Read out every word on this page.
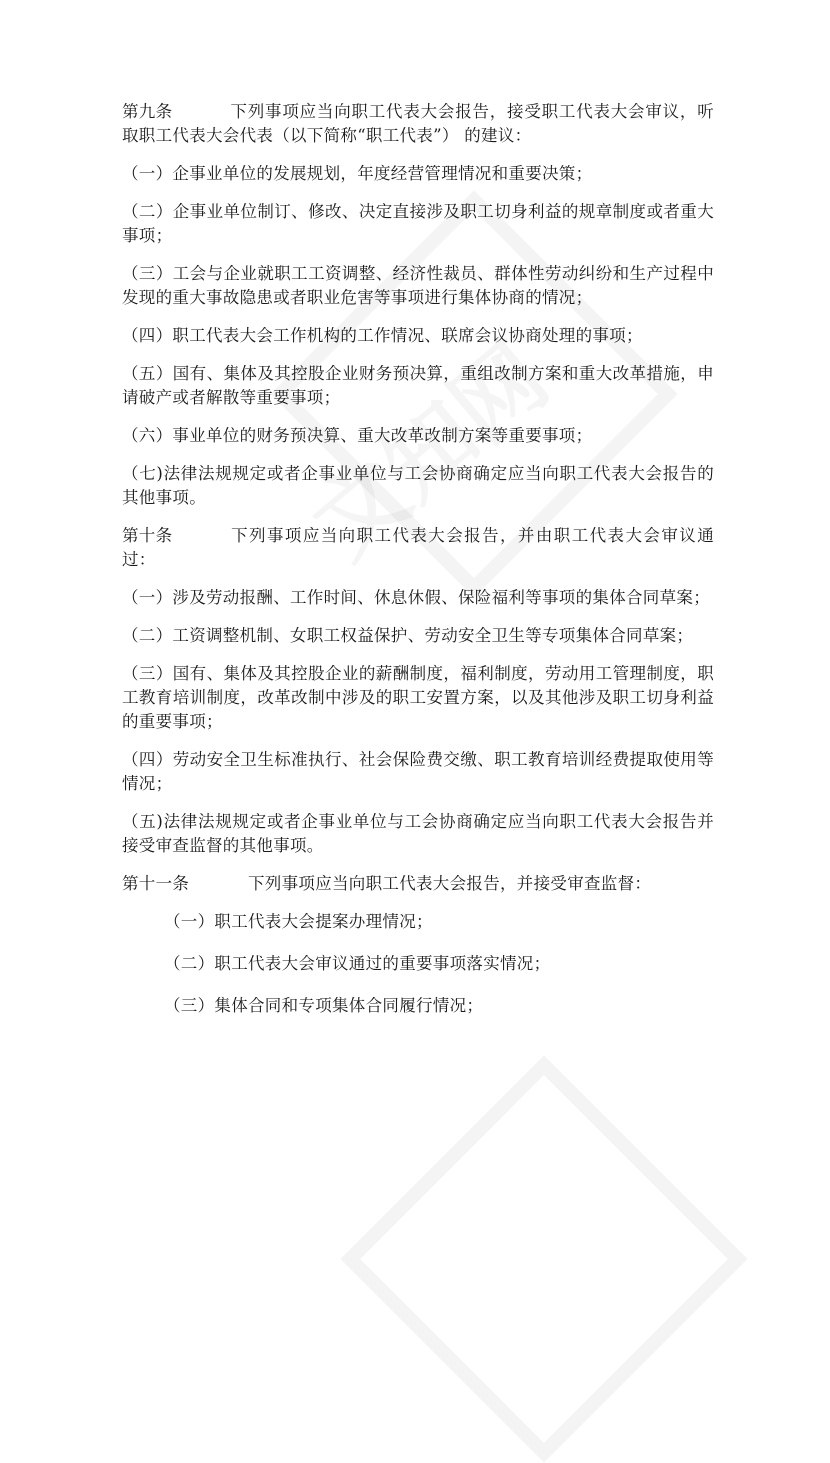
第九条	下列事项应当向职工代表大会报告，接受职工代表大会审议，听取职工代表大会代表（以下简称“职工代表”） 的建议：

（一）企事业单位的发展规划，年度经营管理情况和重要决策；

（二）企事业单位制订、修改、决定直接涉及职工切身利益的规章制度或者重大事项；

（三）工会与企业就职工工资调整、经济性裁员、群体性劳动纠纷和生产过程中发现的重大事故隐患或者职业危害等事项进行集体协商的情况；

（四）职工代表大会工作机构的工作情况、联席会议协商处理的事项；

（五）国有、集体及其控股企业财务预决算，重组改制方案和重大改革措施，申请破产或者解散等重要事项；

（六）事业单位的财务预决算、重大改革改制方案等重要事项；

（七)法律法规规定或者企事业单位与工会协商确定应当向职工代表大会报告的其他事项。

第十条	下列事项应当向职工代表大会报告，并由职工代表大会审议通过：

（一）涉及劳动报酬、工作时间、休息休假、保险福利等事项的集体合同草案；

（二）工资调整机制、女职工权益保护、劳动安全卫生等专项集体合同草案；

（三）国有、集体及其控股企业的薪酬制度，福利制度，劳动用工管理制度，职工教育培训制度，改革改制中涉及的职工安置方案，以及其他涉及职工切身利益的重要事项；

（四）劳动安全卫生标准执行、社会保险费交缴、职工教育培训经费提取使用等情况；

（五)法律法规规定或者企事业单位与工会协商确定应当向职工代表大会报告并接受审查监督的其他事项。

第十一条	下列事项应当向职工代表大会报告，并接受审查监督：

（一）职工代表大会提案办理情况；

（二）职工代表大会审议通过的重要事项落实情况；

（三）集体合同和专项集体合同履行情况；
